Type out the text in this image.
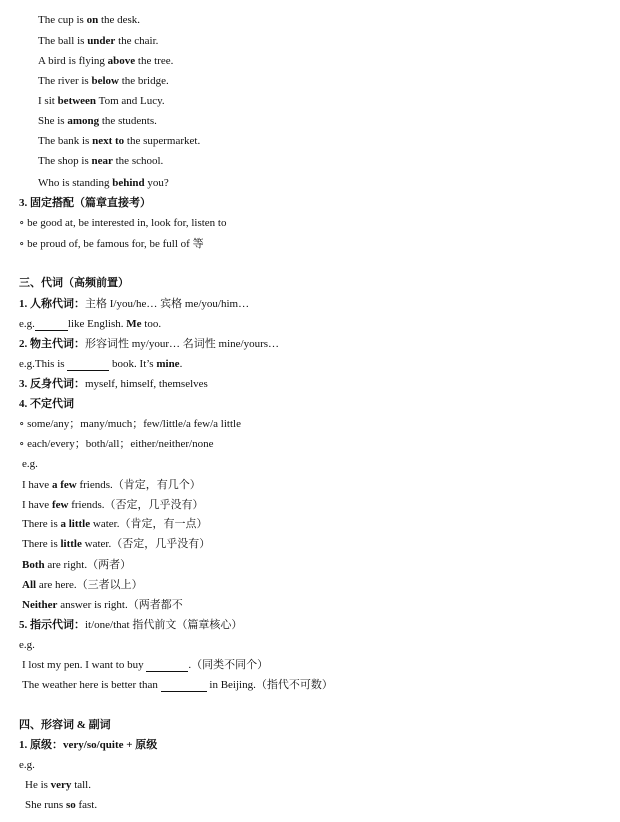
The cup is on the desk.
The ball is under the chair.
A bird is flying above the tree.
The river is below the bridge.
I sit between Tom and Lucy.
She is among the students.
The bank is next to the supermarket.
The shop is near the school.
Who is standing behind you?
3. 固定搭配（篇章直接考）
∘ be good at, be interested in, look for, listen to
∘ be proud of, be famous for, be full of 等
三、代词（高频前置）
1. 人称代词：主格 I/you/he… 宾格 me/you/him…
e.g.	like English. Me too.
2. 物主代词：形容词性 my/your… 名词性 mine/yours…
e.g.This is	book. It’s mine.
3. 反身代词：myself, himself, themselves
4. 不定代词
∘ some/any；many/much；few/little/a few/a little
∘ each/every；both/all；either/neither/none
e.g.
I have a few friends.（肯定，有几个）
I have few friends.（否定，几乎没有）
There is a little water.（肯定，有一点）
There is little water.（否定，几乎没有）
Both are right.（两者）
All are here.（三者以上）
Neither answer is right.（两者都不
5. 指示代词：it/one/that 指代前文（篇章核心）
e.g.
I lost my pen. I want to buy	.（同类不同个）
The weather here is better than	in Beijing.（指代不可数）
四、形容词 & 副词
1. 原级：very/so/quite + 原级
e.g.
He is very tall.
She runs so fast.
